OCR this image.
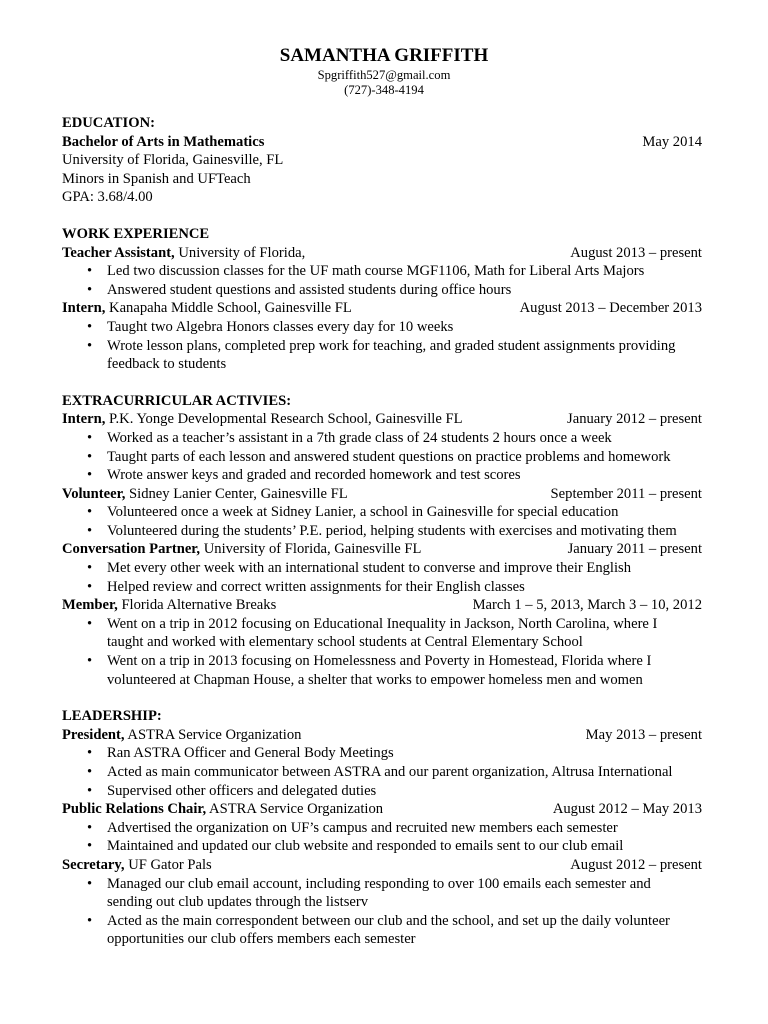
SAMANTHA GRIFFITH
Spgriffith527@gmail.com
(727)-348-4194
EDUCATION:
Bachelor of Arts in Mathematics	May 2014
University of Florida, Gainesville, FL
Minors in Spanish and UFTeach
GPA: 3.68/4.00
WORK EXPERIENCE
Teacher Assistant, University of Florida,	August 2013 – present
• Led two discussion classes for the UF math course MGF1106, Math for Liberal Arts Majors
• Answered student questions and assisted students during office hours
Intern, Kanapaha Middle School, Gainesville FL	August 2013 – December 2013
• Taught two Algebra Honors classes every day for 10 weeks
• Wrote lesson plans, completed prep work for teaching, and graded student assignments providing feedback to students
EXTRACURRICULAR ACTIVIES:
Intern, P.K. Yonge Developmental Research School, Gainesville FL	January 2012 – present
• Worked as a teacher’s assistant in a 7th grade class of 24 students 2 hours once a week
• Taught parts of each lesson and answered student questions on practice problems and homework
• Wrote answer keys and graded and recorded homework and test scores
Volunteer, Sidney Lanier Center, Gainesville FL	September 2011 – present
• Volunteered once a week at Sidney Lanier, a school in Gainesville for special education
• Volunteered during the students’ P.E. period, helping students with exercises and motivating them
Conversation Partner, University of Florida, Gainesville FL	January 2011 – present
• Met every other week with an international student to converse and improve their English
• Helped review and correct written assignments for their English classes
Member, Florida Alternative Breaks	March 1 – 5, 2013, March 3 – 10, 2012
• Went on a trip in 2012 focusing on Educational Inequality in Jackson, North Carolina, where I taught and worked with elementary school students at Central Elementary School
• Went on a trip in 2013 focusing on Homelessness and Poverty in Homestead, Florida where I volunteered at Chapman House, a shelter that works to empower homeless men and women
LEADERSHIP:
President, ASTRA Service Organization	May 2013 – present
• Ran ASTRA Officer and General Body Meetings
• Acted as main communicator between ASTRA and our parent organization, Altrusa International
• Supervised other officers and delegated duties
Public Relations Chair, ASTRA Service Organization	August 2012 – May 2013
• Advertised the organization on UF’s campus and recruited new members each semester
• Maintained and updated our club website and responded to emails sent to our club email
Secretary, UF Gator Pals	August 2012 – present
• Managed our club email account, including responding to over 100 emails each semester and sending out club updates through the listserv
• Acted as the main correspondent between our club and the school, and set up the daily volunteer opportunities our club offers members each semester
